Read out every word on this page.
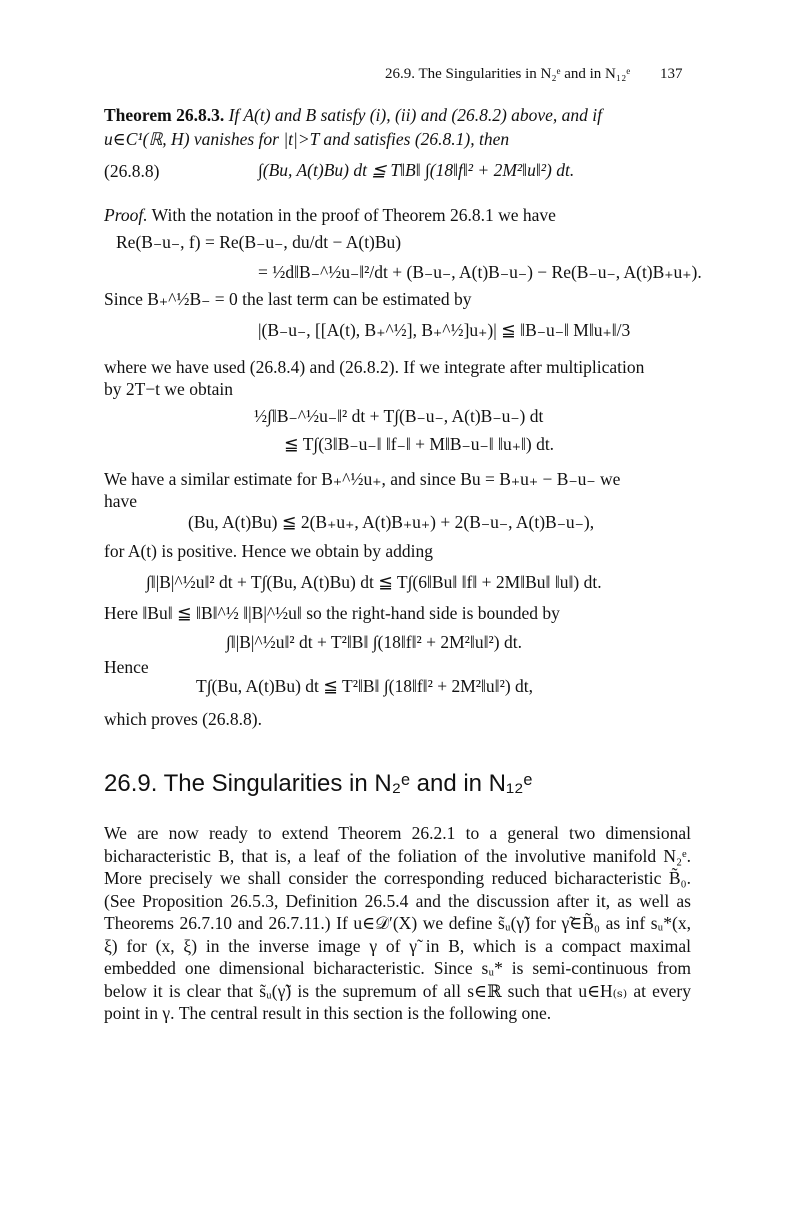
26.9. The Singularities in N₂ᵉ and in N₁₂ᵉ 137
Theorem 26.8.3. If A(t) and B satisfy (i), (ii) and (26.8.2) above, and if
u∈C¹(ℝ, H) vanishes for |t|>T and satisfies (26.8.1), then
(26.8.8)	∫(Bu, A(t)Bu) dt ≦ T‖B‖ ∫(18‖f‖² + 2M²‖u‖²) dt.
Proof. With the notation in the proof of Theorem 26.8.1 we have
Re(B₋u₋, f) = Re(B₋u₋, du/dt − A(t)Bu)
= ½d‖B₋^½u₋‖²/dt + (B₋u₋, A(t)B₋u₋) − Re(B₋u₋, A(t)B₊u₊).
Since B₊^½B₋ = 0 the last term can be estimated by
|(B₋u₋, [[A(t), B₊^½], B₊^½]u₊)| ≦ ‖B₋u₋‖ M‖u₊‖/3
where we have used (26.8.4) and (26.8.2). If we integrate after multiplication
by 2T−t we obtain
½∫‖B₋^½u₋‖² dt + T∫(B₋u₋, A(t)B₋u₋) dt
≦ T∫(3‖B₋u₋‖ ‖f₋‖ + M‖B₋u₋‖ ‖u₊‖) dt.
We have a similar estimate for B₊^½u₊, and since Bu = B₊u₊ − B₋u₋ we
have
(Bu, A(t)Bu) ≦ 2(B₊u₊, A(t)B₊u₊) + 2(B₋u₋, A(t)B₋u₋),
for A(t) is positive. Hence we obtain by adding
∫‖|B|^½u‖² dt + T∫(Bu, A(t)Bu) dt ≦ T∫(6‖Bu‖ ‖f‖ + 2M‖Bu‖ ‖u‖) dt.
Here ‖Bu‖ ≦ ‖B‖^½ ‖|B|^½u‖ so the right-hand side is bounded by
∫‖|B|^½u‖² dt + T²‖B‖ ∫(18‖f‖² + 2M²‖u‖²) dt.
Hence
T∫(Bu, A(t)Bu) dt ≦ T²‖B‖ ∫(18‖f‖² + 2M²‖u‖²) dt,
which proves (26.8.8).
26.9. The Singularities in N₂ᵉ and in N₁₂ᵉ
We are now ready to extend Theorem 26.2.1 to a general two dimensional bicharacteristic B, that is, a leaf of the foliation of the involutive manifold N₂ᵉ. More precisely we shall consider the corresponding reduced bicharacteristic B̃₀. (See Proposition 26.5.3, Definition 26.5.4 and the discussion after it, as well as Theorems 26.7.10 and 26.7.11.) If u∈𝒟′(X) we define s̃ᵤ(γ̃) for γ̃∈B̃₀ as inf sᵤ*(x, ξ) for (x, ξ) in the inverse image γ of γ̃ in B, which is a compact maximal embedded one dimensional bicharacteristic. Since sᵤ* is semi-continuous from below it is clear that s̃ᵤ(γ̃) is the supremum of all s∈ℝ such that u∈H₍ₛ₎ at every point in γ. The central result in this section is the following one.
